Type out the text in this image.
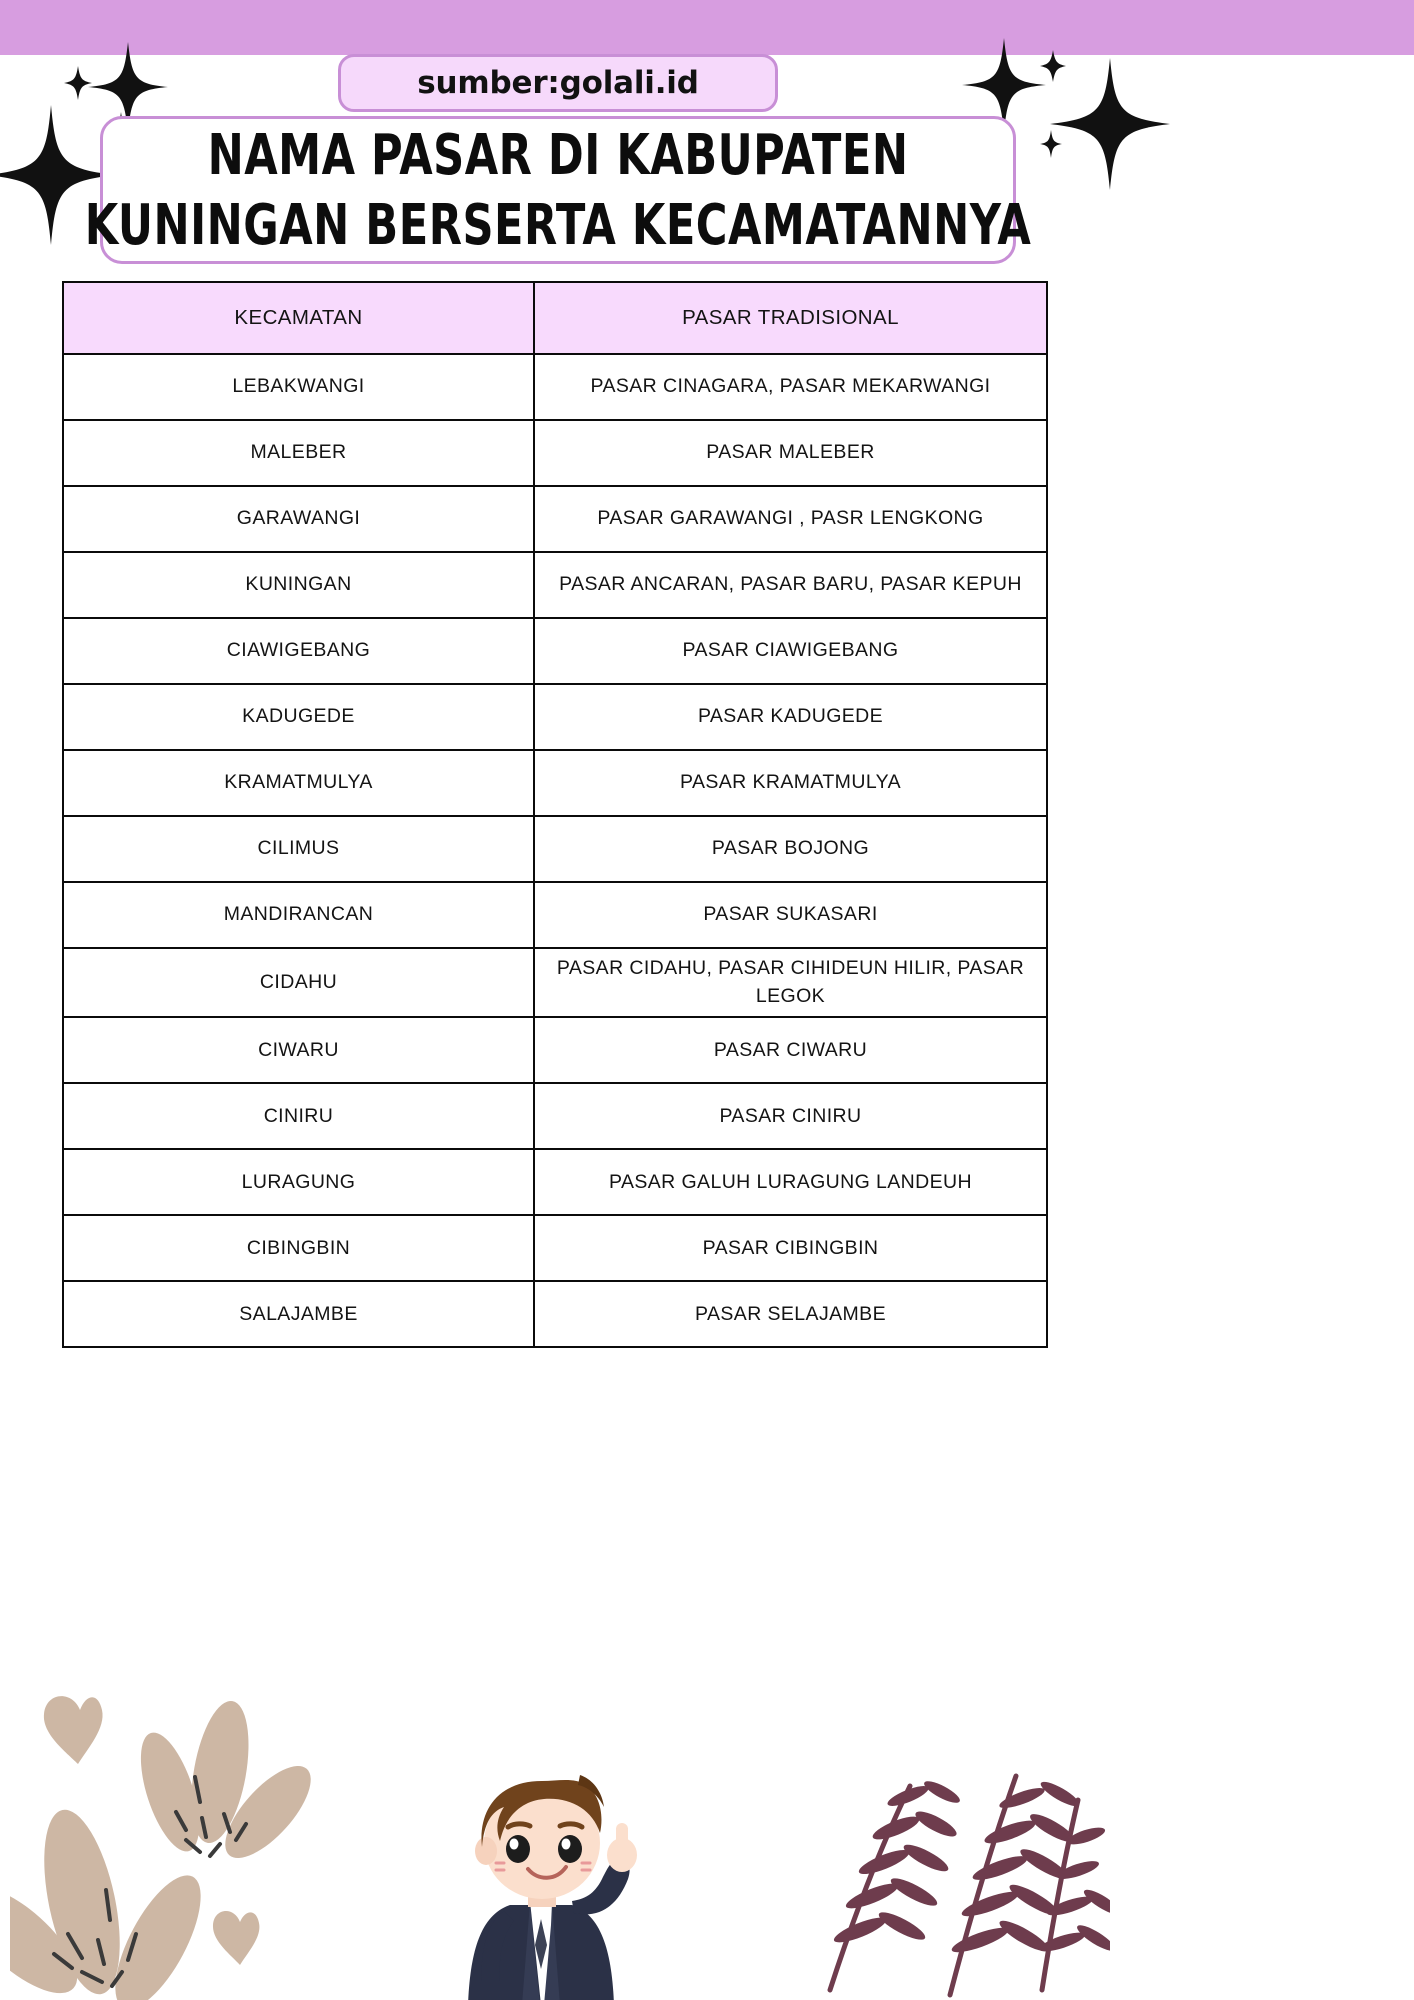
sumber:golali.id
NAMA PASAR DI KABUPATEN
KUNINGAN BERSERTA KECAMATANNYA
KECAMATAN	PASAR TRADISIONAL
LEBAKWANGI	PASAR CINAGARA, PASAR MEKARWANGI
MALEBER	PASAR MALEBER
GARAWANGI	PASAR GARAWANGI , PASR LENGKONG
KUNINGAN	PASAR ANCARAN, PASAR BARU, PASAR KEPUH
CIAWIGEBANG	PASAR CIAWIGEBANG
KADUGEDE	PASAR KADUGEDE
KRAMATMULYA	PASAR KRAMATMULYA
CILIMUS	PASAR BOJONG
MANDIRANCAN	PASAR SUKASARI
CIDAHU	PASAR CIDAHU, PASAR CIHIDEUN HILIR, PASAR LEGOK
CIWARU	PASAR CIWARU
CINIRU	PASAR CINIRU
LURAGUNG	PASAR GALUH LURAGUNG LANDEUH
CIBINGBIN	PASAR CIBINGBIN
SALAJAMBE	PASAR SELAJAMBE
